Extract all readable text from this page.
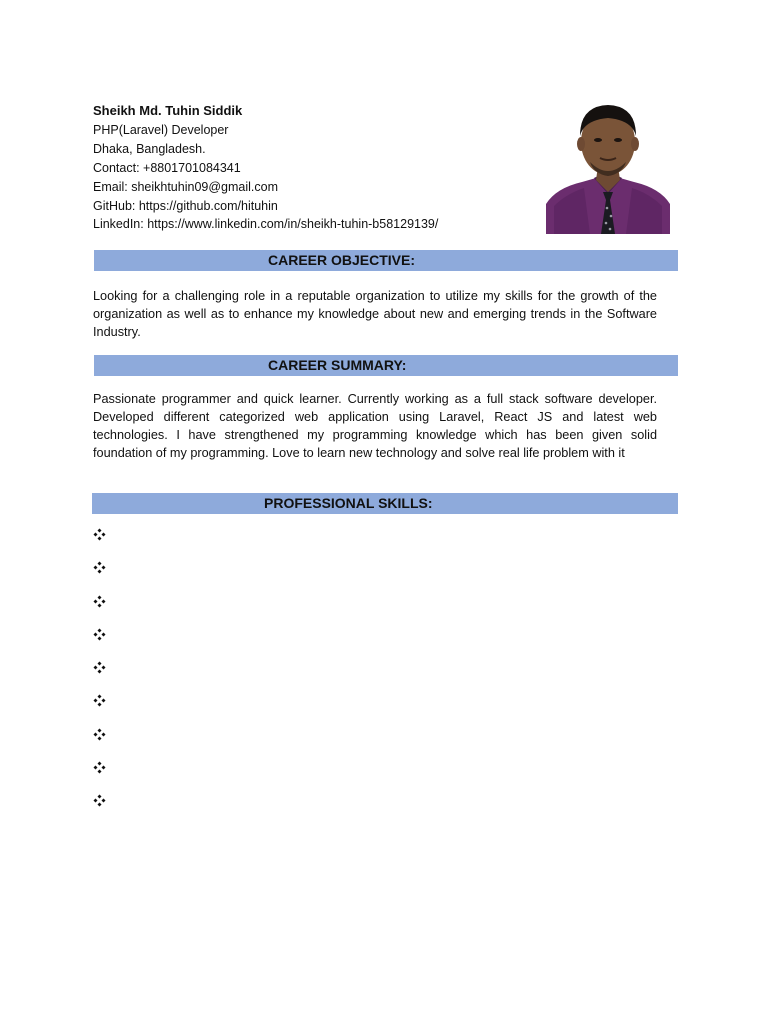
Sheikh Md. Tuhin Siddik
PHP(Laravel) Developer
Dhaka, Bangladesh.
Contact: +8801701084341
Email: sheikhtuhin09@gmail.com
GitHub: https://github.com/hituhin
LinkedIn: https://www.linkedin.com/in/sheikh-tuhin-b58129139/
CAREER OBJECTIVE:
Looking for a challenging role in a reputable organization to utilize my skills for the growth of the organization as well as to enhance my knowledge about new and emerging trends in the Software Industry.
CAREER SUMMARY:
Passionate programmer and quick learner. Currently working as a full stack software developer. Developed different categorized web application using Laravel, React JS and latest web technologies. I have strengthened my programming knowledge which has been given solid foundation of my programming. Love to learn new technology and solve real life problem with it
PROFESSIONAL SKILLS:
